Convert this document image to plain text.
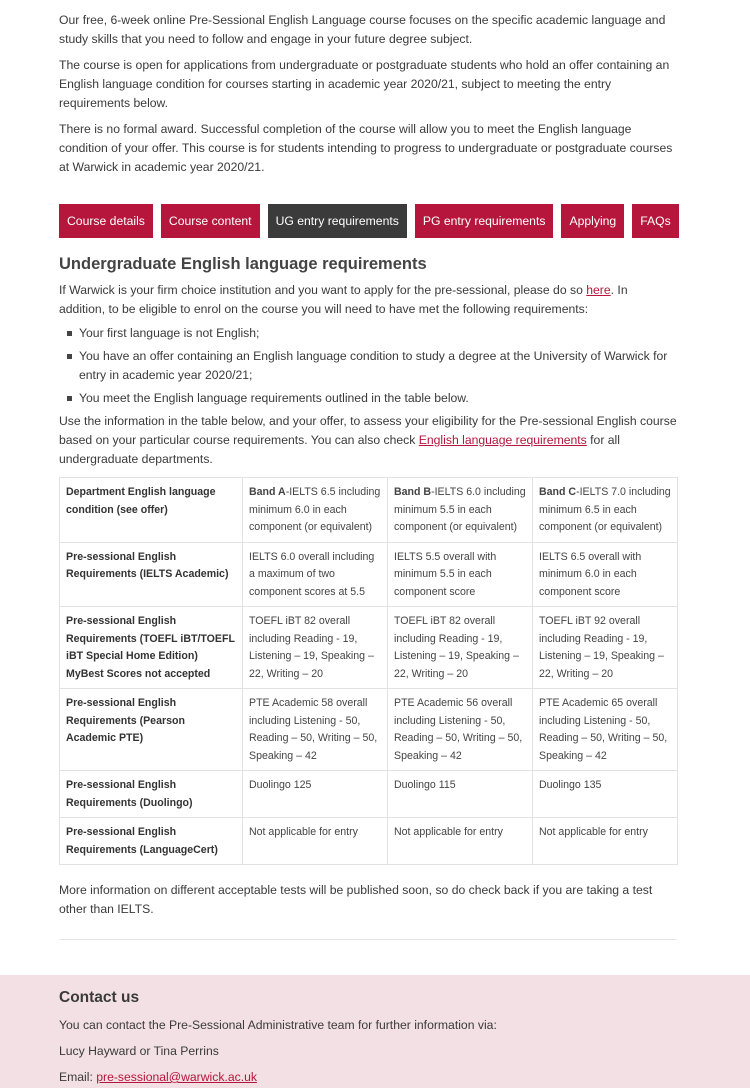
Our free, 6-week online Pre-Sessional English Language course focuses on the specific academic language and study skills that you need to follow and engage in your future degree subject.

The course is open for applications from undergraduate or postgraduate students who hold an offer containing an English language condition for courses starting in academic year 2020/21, subject to meeting the entry requirements below.

There is no formal award. Successful completion of the course will allow you to meet the English language condition of your offer. This course is for students intending to progress to undergraduate or postgraduate courses at Warwick in academic year 2020/21.

Course details	Course content	UG entry requirements	PG entry requirements	Applying	FAQs
Undergraduate English language requirements

If Warwick is your firm choice institution and you want to apply for the pre-sessional, please do so here. In addition, to be eligible to enrol on the course you will need to have met the following requirements:

Your first language is not English;
You have an offer containing an English language condition to study a degree at the University of Warwick for entry in academic year 2020/21;
You meet the English language requirements outlined in the table below.

Use the information in the table below, and your offer, to assess your eligibility for the Pre-sessional English course based on your particular course requirements. You can also check English language requirements for all undergraduate departments.

Department English language condition (see offer)	Band A-IELTS 6.5 including minimum 6.0 in each component (or equivalent)	Band B-IELTS 6.0 including minimum 5.5 in each component (or equivalent)	Band C-IELTS 7.0 including minimum 6.5 in each component (or equivalent)
Pre-sessional English Requirements (IELTS Academic)	IELTS 6.0 overall including a maximum of two component scores at 5.5	IELTS 5.5 overall with minimum 5.5 in each component score	IELTS 6.5 overall with minimum 6.0 in each component score
Pre-sessional English Requirements (TOEFL iBT/TOEFL iBT Special Home Edition) MyBest Scores not accepted	TOEFL iBT 82 overall including Reading - 19, Listening – 19, Speaking – 22, Writing – 20	TOEFL iBT 82 overall including Reading - 19, Listening – 19, Speaking – 22, Writing – 20	TOEFL iBT 92 overall including Reading - 19, Listening – 19, Speaking – 22, Writing – 20
Pre-sessional English Requirements (Pearson Academic PTE)	PTE Academic 58 overall including Listening - 50, Reading – 50, Writing – 50, Speaking – 42	PTE Academic 56 overall including Listening - 50, Reading – 50, Writing – 50, Speaking – 42	PTE Academic 65 overall including Listening - 50, Reading – 50, Writing – 50, Speaking – 42
Pre-sessional English Requirements (Duolingo)	Duolingo 125	Duolingo 115	Duolingo 135
Pre-sessional English Requirements (LanguageCert)	Not applicable for entry	Not applicable for entry	Not applicable for entry

More information on different acceptable tests will be published soon, so do check back if you are taking a test other than IELTS.

Contact us

You can contact the Pre-Sessional Administrative team for further information via:

Lucy Hayward or Tina Perrins

Email: pre-sessional@warwick.ac.uk
